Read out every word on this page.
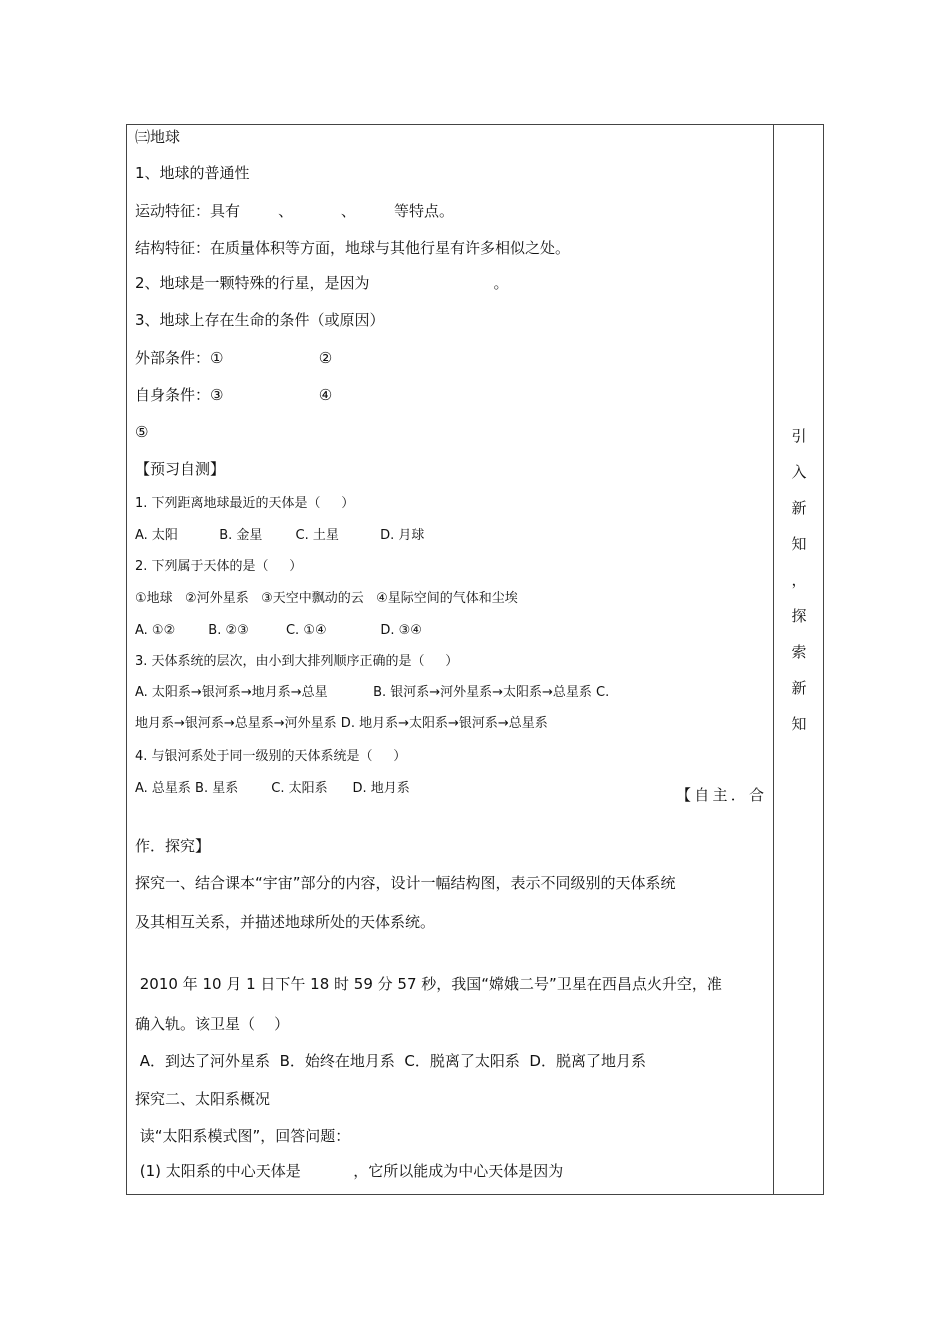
㈢地球
1、地球的普通性
运动特征：具有        、          、        等特点。
结构特征：在质量体积等方面，地球与其他行星有许多相似之处。
2、地球是一颗特殊的行星，是因为                          。
3、地球上存在生命的条件（或原因）
外部条件：①                    ②
自身条件：③                    ④
⑤
【预习自测】
1. 下列距离地球最近的天体是（     ）
A. 太阳          B. 金星        C. 土星          D. 月球
2. 下列属于天体的是（     ）
①地球   ②河外星系   ③天空中飘动的云   ④星际空间的气体和尘埃
A. ①②        B. ②③         C. ①④             D. ③④
3. 天体系统的层次，由小到大排列顺序正确的是（     ）
A. 太阳系→银河系→地月系→总星           B. 银河系→河外星系→太阳系→总星系 C.
地月系→银河系→总星系→河外星系 D. 地月系→太阳系→银河系→总星系
4. 与银河系处于同一级别的天体系统是（     ）
A. 总星系 B. 星系        C. 太阳系      D. 地月系	【 自 主 ． 合
作．探究】
探究一、结合课本“宇宙”部分的内容，设计一幅结构图，表示不同级别的天体系统
及其相互关系，并描述地球所处的天体系统。
2010 年 10 月 1 日下午 18 时 59 分 57 秒，我国“嫦娥二号”卫星在西昌点火升空，准
确入轨。该卫星（    ）
A．到达了河外星系  B．始终在地月系  C．脱离了太阳系  D．脱离了地月系
探究二、太阳系概况
读“太阳系模式图”，回答问题：
(1) 太阳系的中心天体是           ，它所以能成为中心天体是因为
引
入
新
知
，
探
索
新
知
